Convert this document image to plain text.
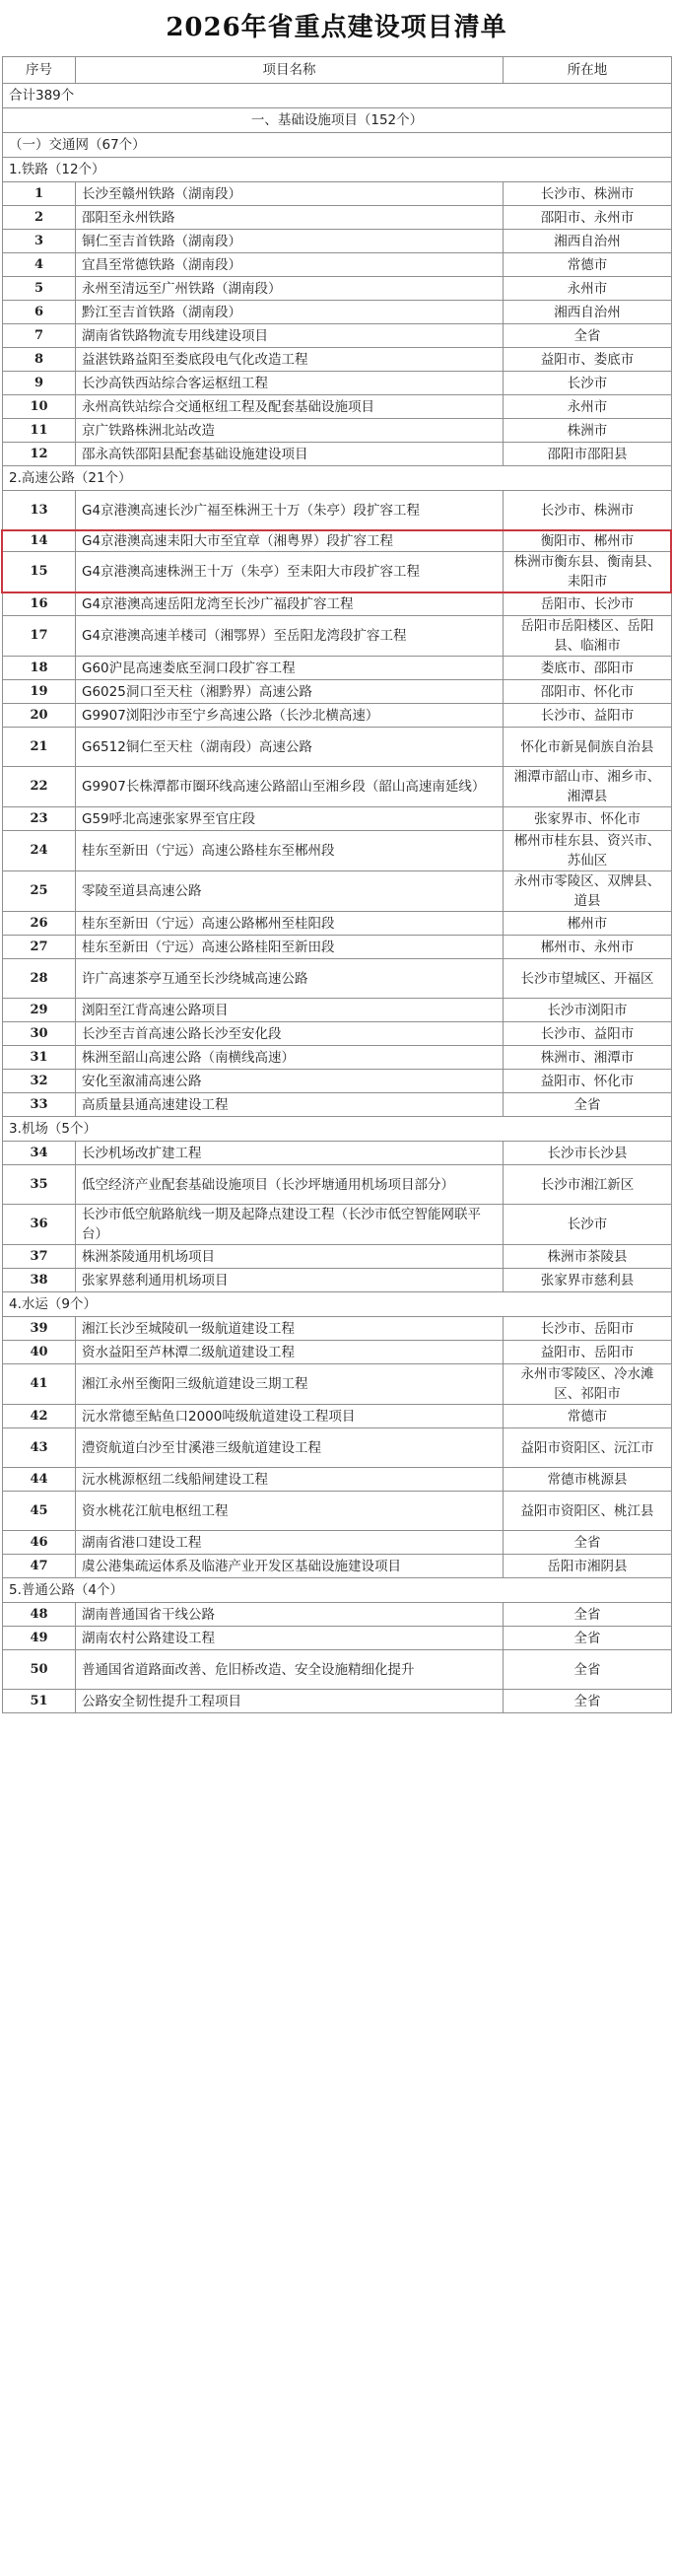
2026年省重点建设项目清单
序号	项目名称	所在地
合计389个		
一、基础设施项目（152个）		
（一）交通网（67个）		
1.铁路（12个）		
1	长沙至赣州铁路（湖南段）	长沙市、株洲市
2	邵阳至永州铁路	邵阳市、永州市
3	铜仁至吉首铁路（湖南段）	湘西自治州
4	宜昌至常德铁路（湖南段）	常德市
5	永州至清远至广州铁路（湖南段）	永州市
6	黔江至吉首铁路（湖南段）	湘西自治州
7	湖南省铁路物流专用线建设项目	全省
8	益湛铁路益阳至娄底段电气化改造工程	益阳市、娄底市
9	长沙高铁西站综合客运枢纽工程	长沙市
10	永州高铁站综合交通枢纽工程及配套基础设施项目	永州市
11	京广铁路株洲北站改造	株洲市
12	邵永高铁邵阳县配套基础设施建设项目	邵阳市邵阳县
2.高速公路（21个）		
13	G4京港澳高速长沙广福至株洲王十万（朱亭）段扩容工程	长沙市、株洲市
14	G4京港澳高速耒阳大市至宜章（湘粤界）段扩容工程	衡阳市、郴州市
15	G4京港澳高速株洲王十万（朱亭）至耒阳大市段扩容工程	株洲市衡东县、衡南县、耒阳市
16	G4京港澳高速岳阳龙湾至长沙广福段扩容工程	岳阳市、长沙市
17	G4京港澳高速羊楼司（湘鄂界）至岳阳龙湾段扩容工程	岳阳市岳阳楼区、岳阳县、临湘市
18	G60沪昆高速娄底至洞口段扩容工程	娄底市、邵阳市
19	G6025洞口至天柱（湘黔界）高速公路	邵阳市、怀化市
20	G9907浏阳沙市至宁乡高速公路（长沙北横高速）	长沙市、益阳市
21	G6512铜仁至天柱（湖南段）高速公路	怀化市新晃侗族自治县
22	G9907长株潭都市圈环线高速公路韶山至湘乡段（韶山高速南延线）	湘潭市韶山市、湘乡市、湘潭县
23	G59呼北高速张家界至官庄段	张家界市、怀化市
24	桂东至新田（宁远）高速公路桂东至郴州段	郴州市桂东县、资兴市、苏仙区
25	零陵至道县高速公路	永州市零陵区、双牌县、道县
26	桂东至新田（宁远）高速公路郴州至桂阳段	郴州市
27	桂东至新田（宁远）高速公路桂阳至新田段	郴州市、永州市
28	许广高速茶亭互通至长沙绕城高速公路	长沙市望城区、开福区
29	浏阳至江背高速公路项目	长沙市浏阳市
30	长沙至吉首高速公路长沙至安化段	长沙市、益阳市
31	株洲至韶山高速公路（南横线高速）	株洲市、湘潭市
32	安化至溆浦高速公路	益阳市、怀化市
33	高质量县通高速建设工程	全省
3.机场（5个）		
34	长沙机场改扩建工程	长沙市长沙县
35	低空经济产业配套基础设施项目（长沙坪塘通用机场项目部分）	长沙市湘江新区
36	长沙市低空航路航线一期及起降点建设工程（长沙市低空智能网联平台）	长沙市
37	株洲茶陵通用机场项目	株洲市茶陵县
38	张家界慈利通用机场项目	张家界市慈利县
4.水运（9个）		
39	湘江长沙至城陵矶一级航道建设工程	长沙市、岳阳市
40	资水益阳至芦林潭二级航道建设工程	益阳市、岳阳市
41	湘江永州至衡阳三级航道建设三期工程	永州市零陵区、冷水滩区、祁阳市
42	沅水常德至鲇鱼口2000吨级航道建设工程项目	常德市
43	澧资航道白沙至甘溪港三级航道建设工程	益阳市资阳区、沅江市
44	沅水桃源枢纽二线船闸建设工程	常德市桃源县
45	资水桃花江航电枢纽工程	益阳市资阳区、桃江县
46	湖南省港口建设工程	全省
47	虞公港集疏运体系及临港产业开发区基础设施建设项目	岳阳市湘阴县
5.普通公路（4个）		
48	湖南普通国省干线公路	全省
49	湖南农村公路建设工程	全省
50	普通国省道路面改善、危旧桥改造、安全设施精细化提升	全省
51	公路安全韧性提升工程项目	全省
